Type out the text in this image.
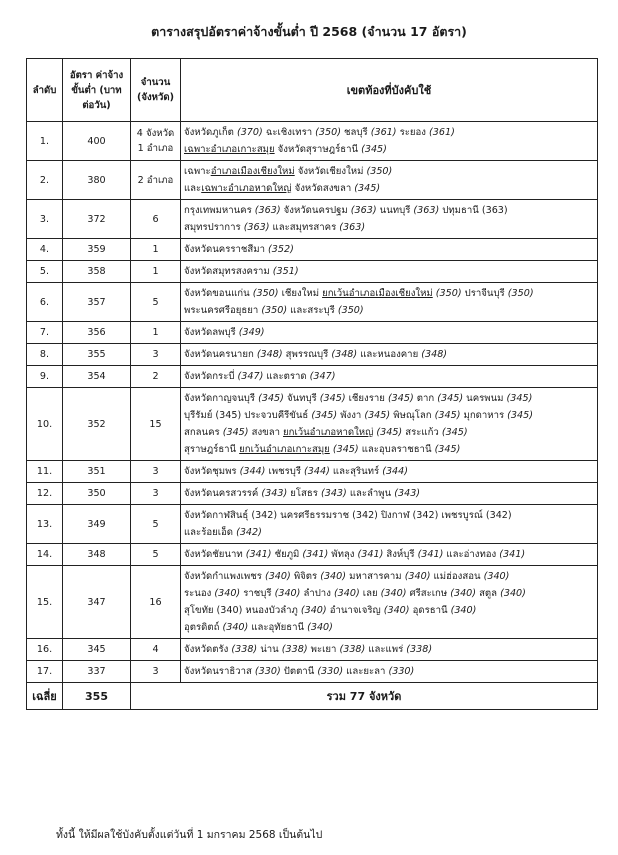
ตารางสรุปอัตราค่าจ้างขั้นต่ำ ปี 2568 (จำนวน 17 อัตรา)
ลำดับ	อัตรา ค่าจ้างขั้นต่ำ (บาทต่อวัน)	จำนวน (จังหวัด)	เขตท้องที่บังคับใช้
1.	400	4 จังหวัด 1 อำเภอ	จังหวัดภูเก็ต (370) ฉะเชิงเทรา (350) ชลบุรี (361) ระยอง (361)
เฉพาะอำเภอเกาะสมุย จังหวัดสุราษฎร์ธานี (345)

2.	380	2 อำเภอ	เฉพาะอำเภอเมืองเชียงใหม่ จังหวัดเชียงใหม่ (350)
และเฉพาะอำเภอหาดใหญ่ จังหวัดสงขลา (345)

3.	372	6	กรุงเทพมหานคร (363) จังหวัดนครปฐม (363) นนทบุรี (363) ปทุมธานี (363)
สมุทรปราการ (363) และสมุทรสาคร (363)

4.	359	1	จังหวัดนครราชสีมา (352)

5.	358	1	จังหวัดสมุทรสงคราม (351)

6.	357	5	จังหวัดขอนแก่น (350) เชียงใหม่ ยกเว้นอำเภอเมืองเชียงใหม่ (350) ปราจีนบุรี (350)
พระนครศรีอยุธยา (350) และสระบุรี (350)

7.	356	1	จังหวัดลพบุรี (349)

8.	355	3	จังหวัดนครนายก (348) สุพรรณบุรี (348) และหนองคาย (348)

9.	354	2	จังหวัดกระบี่ (347) และตราด (347)

10.	352	15	จังหวัดกาญจนบุรี (345) จันทบุรี (345) เชียงราย (345) ตาก (345) นครพนม (345)
บุรีรัมย์ (345) ประจวบคีรีขันธ์ (345) พังงา (345) พิษณุโลก (345) มุกดาหาร (345)
สกลนคร (345) สงขลา ยกเว้นอำเภอหาดใหญ่ (345) สระแก้ว (345)
สุราษฎร์ธานี ยกเว้นอำเภอเกาะสมุย (345) และอุบลราชธานี (345)

11.	351	3	จังหวัดชุมพร (344) เพชรบุรี (344) และสุรินทร์ (344)

12.	350	3	จังหวัดนครสวรรค์ (343) ยโสธร (343) และลำพูน (343)

13.	349	5	จังหวัดกาฬสินธุ์ (342) นครศรีธรรมราช (342) ปิงกาฬ (342) เพชรบูรณ์ (342)
และร้อยเอ็ด (342)

14.	348	5	จังหวัดชัยนาท (341) ชัยภูมิ (341) พัทลุง (341) สิงห์บุรี (341) และอ่างทอง (341)

15.	347	16	จังหวัดกำแพงเพชร (340) พิจิตร (340) มหาสารคาม (340) แม่ฮ่องสอน (340)
ระนอง (340) ราชบุรี (340) ลำปาง (340) เลย (340) ศรีสะเกษ (340) สตูล (340)
สุโขทัย (340) หนองบัวลำภู (340) อำนาจเจริญ (340) อุดรธานี (340)
อุตรดิตถ์ (340) และอุทัยธานี (340)

16.	345	4	จังหวัดตรัง (338) น่าน (338) พะเยา (338) และแพร่ (338)

17.	337	3	จังหวัดนราธิวาส (330) ปัตตานี (330) และยะลา (330)

เฉลี่ย	355	รวม 77 จังหวัด	
ทั้งนี้ ให้มีผลใช้บังคับตั้งแต่วันที่ 1 มกราคม 2568 เป็นต้นไป
